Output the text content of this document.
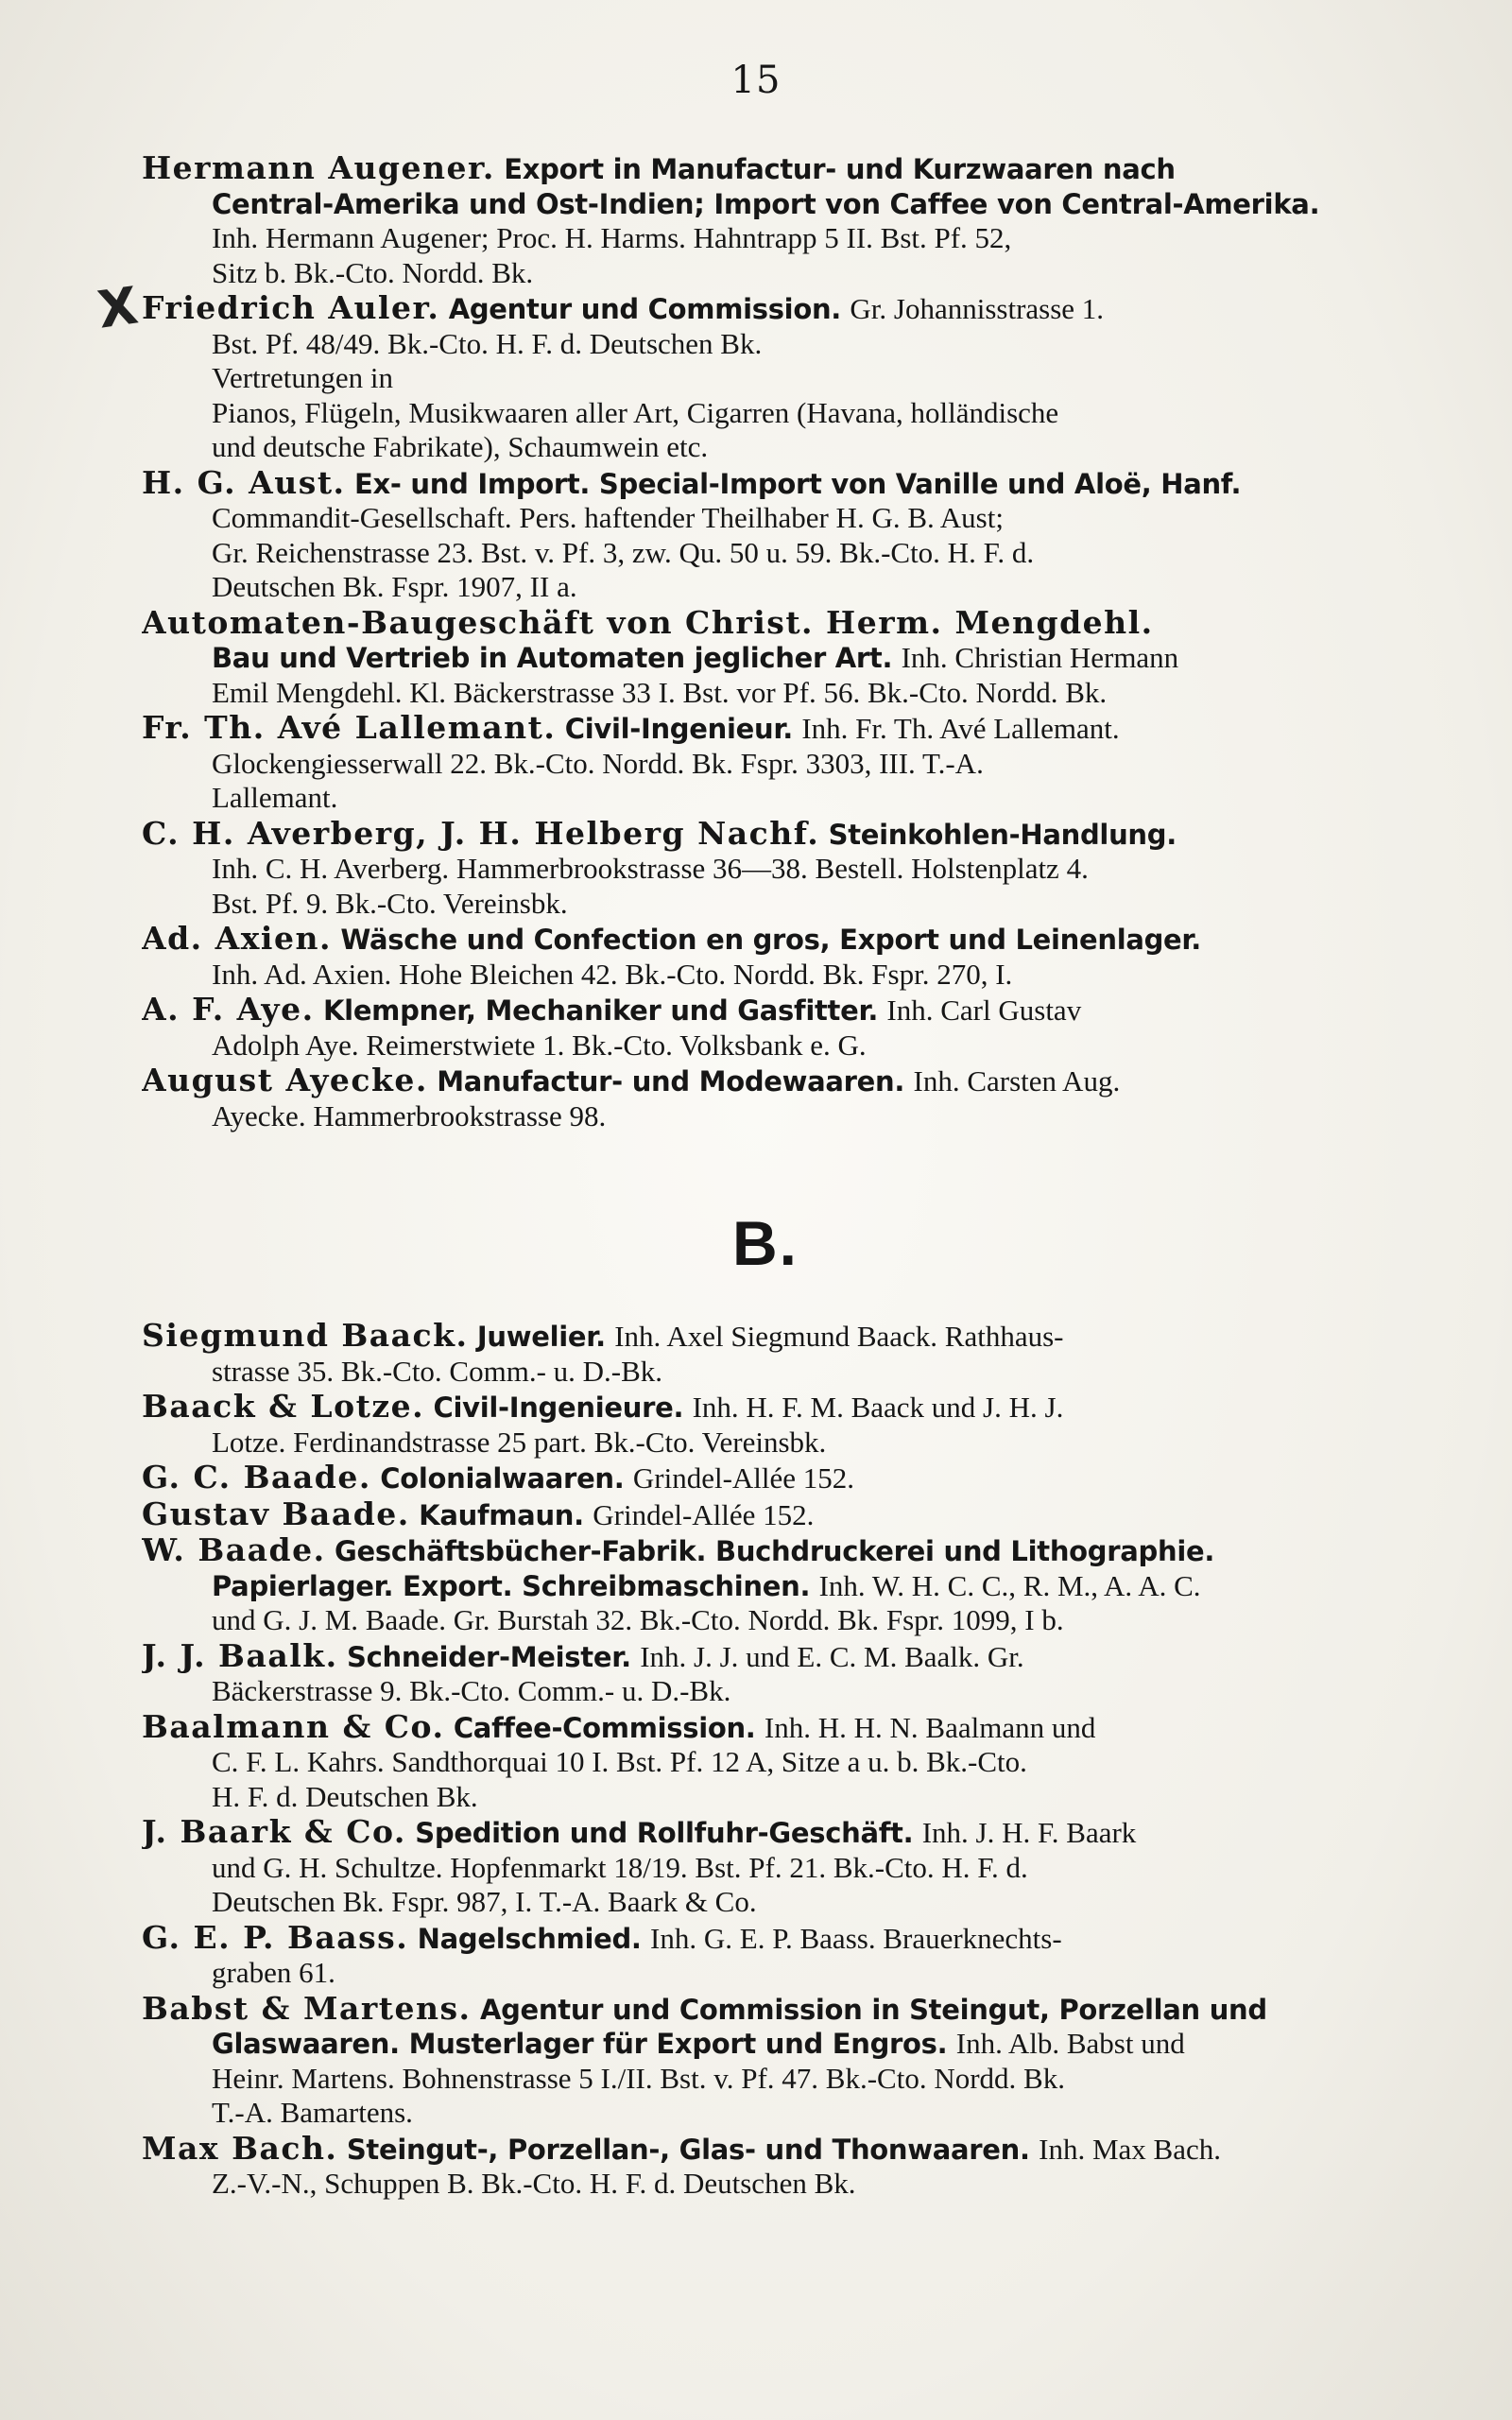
15
Hermann Augener. Export in Manufactur- und Kurzwaaren nach
Central-Amerika und Ost-Indien; Import von Caffee von Central-Amerika.
Inh. Hermann Augener; Proc. H. Harms. Hahntrapp 5 II. Bst. Pf. 52,
Sitz b. Bk.-Cto. Nordd. Bk.
X Friedrich Auler. Agentur und Commission. Gr. Johannisstrasse 1.
Bst. Pf. 48/49. Bk.-Cto. H. F. d. Deutschen Bk.
Vertretungen in
Pianos, Flügeln, Musikwaaren aller Art, Cigarren (Havana, holländische
und deutsche Fabrikate), Schaumwein etc.
H. G. Aust. Ex- und Import. Special-Import von Vanille und Aloë, Hanf.
Commandit-Gesellschaft. Pers. haftender Theilhaber H. G. B. Aust;
Gr. Reichenstrasse 23. Bst. v. Pf. 3, zw. Qu. 50 u. 59. Bk.-Cto. H. F. d.
Deutschen Bk. Fspr. 1907, II a.
Automaten-Baugeschäft von Christ. Herm. Mengdehl.
Bau und Vertrieb in Automaten jeglicher Art. Inh. Christian Hermann
Emil Mengdehl. Kl. Bäckerstrasse 33 I. Bst. vor Pf. 56. Bk.-Cto. Nordd. Bk.
Fr. Th. Avé Lallemant. Civil-Ingenieur. Inh. Fr. Th. Avé Lallemant.
Glockengiesserwall 22. Bk.-Cto. Nordd. Bk. Fspr. 3303, III. T.-A.
Lallemant.
C. H. Averberg, J. H. Helberg Nachf. Steinkohlen-Handlung.
Inh. C. H. Averberg. Hammerbrookstrasse 36—38. Bestell. Holstenplatz 4.
Bst. Pf. 9. Bk.-Cto. Vereinsbk.
Ad. Axien. Wäsche und Confection en gros, Export und Leinenlager.
Inh. Ad. Axien. Hohe Bleichen 42. Bk.-Cto. Nordd. Bk. Fspr. 270, I.
A. F. Aye. Klempner, Mechaniker und Gasfitter. Inh. Carl Gustav
Adolph Aye. Reimerstwiete 1. Bk.-Cto. Volksbank e. G.
August Ayecke. Manufactur- und Modewaaren. Inh. Carsten Aug.
Ayecke. Hammerbrookstrasse 98.
B.
Siegmund Baack. Juwelier. Inh. Axel Siegmund Baack. Rathhaus-
strasse 35. Bk.-Cto. Comm.- u. D.-Bk.
Baack & Lotze. Civil-Ingenieure. Inh. H. F. M. Baack und J. H. J.
Lotze. Ferdinandstrasse 25 part. Bk.-Cto. Vereinsbk.
G. C. Baade. Colonialwaaren. Grindel-Allée 152.
Gustav Baade. Kaufmaun. Grindel-Allée 152.
W. Baade. Geschäftsbücher-Fabrik. Buchdruckerei und Lithographie.
Papierlager. Export. Schreibmaschinen. Inh. W. H. C. C., R. M., A. A. C.
und G. J. M. Baade. Gr. Burstah 32. Bk.-Cto. Nordd. Bk. Fspr. 1099, I b.
J. J. Baalk. Schneider-Meister. Inh. J. J. und E. C. M. Baalk. Gr.
Bäckerstrasse 9. Bk.-Cto. Comm.- u. D.-Bk.
Baalmann & Co. Caffee-Commission. Inh. H. H. N. Baalmann und
C. F. L. Kahrs. Sandthorquai 10 I. Bst. Pf. 12 A, Sitze a u. b. Bk.-Cto.
H. F. d. Deutschen Bk.
J. Baark & Co. Spedition und Rollfuhr-Geschäft. Inh. J. H. F. Baark
und G. H. Schultze. Hopfenmarkt 18/19. Bst. Pf. 21. Bk.-Cto. H. F. d.
Deutschen Bk. Fspr. 987, I. T.-A. Baark & Co.
G. E. P. Baass. Nagelschmied. Inh. G. E. P. Baass. Brauerknechts-
graben 61.
Babst & Martens. Agentur und Commission in Steingut, Porzellan und
Glaswaaren. Musterlager für Export und Engros. Inh. Alb. Babst und
Heinr. Martens. Bohnenstrasse 5 I./II. Bst. v. Pf. 47. Bk.-Cto. Nordd. Bk.
T.-A. Bamartens.
Max Bach. Steingut-, Porzellan-, Glas- und Thonwaaren. Inh. Max Bach.
Z.-V.-N., Schuppen B. Bk.-Cto. H. F. d. Deutschen Bk.
